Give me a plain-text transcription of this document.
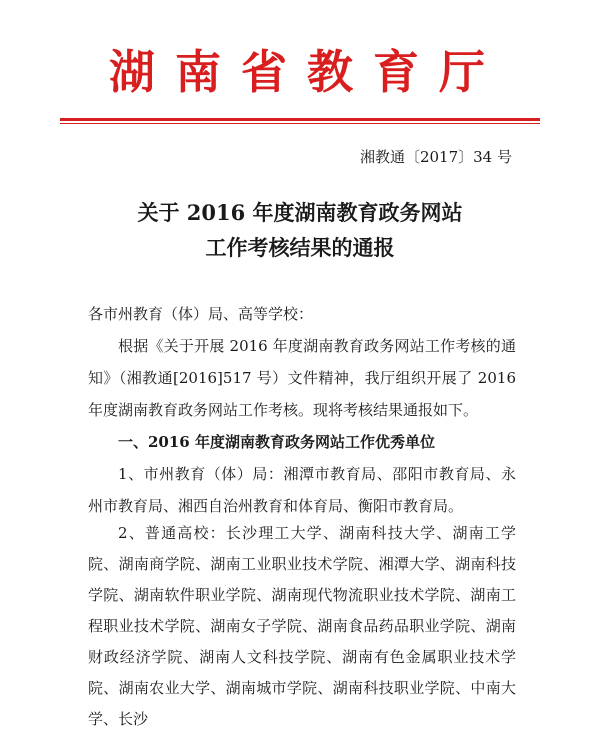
湖南省教育厅
湘教通〔2017〕34 号
关于 2016 年度湖南教育政务网站
工作考核结果的通报
各市州教育（体）局、高等学校：
根据《关于开展 2016 年度湖南教育政务网站工作考核的通知》（湘教通[2016]517 号）文件精神，我厅组织开展了 2016 年度湖南教育政务网站工作考核。现将考核结果通报如下。
一、2016 年度湖南教育政务网站工作优秀单位
1、市州教育（体）局：湘潭市教育局、邵阳市教育局、永州市教育局、湘西自治州教育和体育局、衡阳市教育局。
2、普通高校：长沙理工大学、湖南科技大学、湖南工学院、湖南商学院、湖南工业职业技术学院、湘潭大学、湖南科技学院、湖南软件职业学院、湖南现代物流职业技术学院、湖南工程职业技术学院、湖南女子学院、湖南食品药品职业学院、湖南财政经济学院、湖南人文科技学院、湖南有色金属职业技术学院、湖南农业大学、湖南城市学院、湖南科技职业学院、中南大学、长沙
